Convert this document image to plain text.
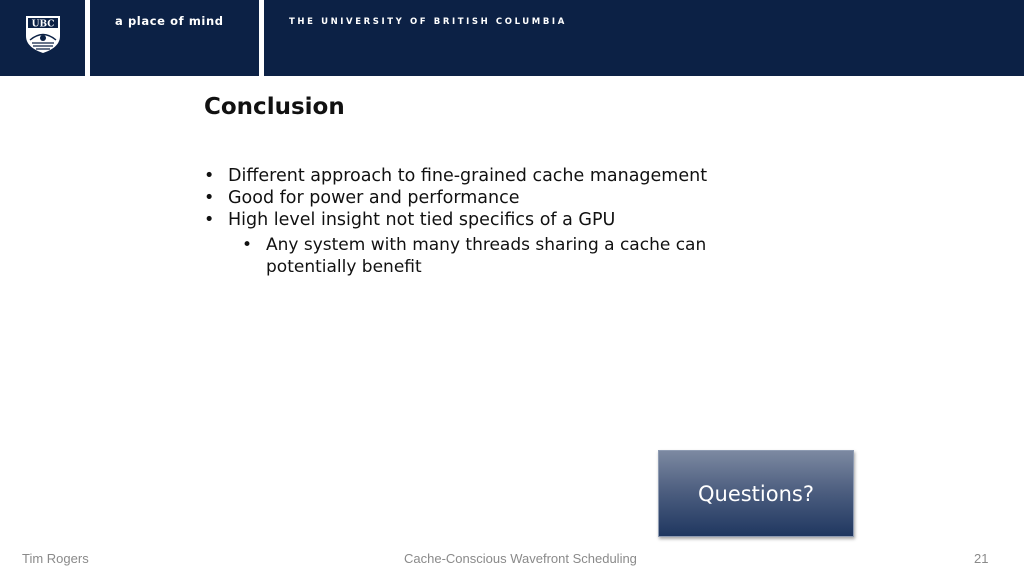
UBC	a place of mind	THE UNIVERSITY OF BRITISH COLUMBIA
Conclusion
• Different approach to fine-grained cache management
• Good for power and performance
• High level insight not tied specifics of a GPU
• Any system with many threads sharing a cache can potentially benefit
Questions?
Tim Rogers	Cache-Conscious Wavefront Scheduling	21
